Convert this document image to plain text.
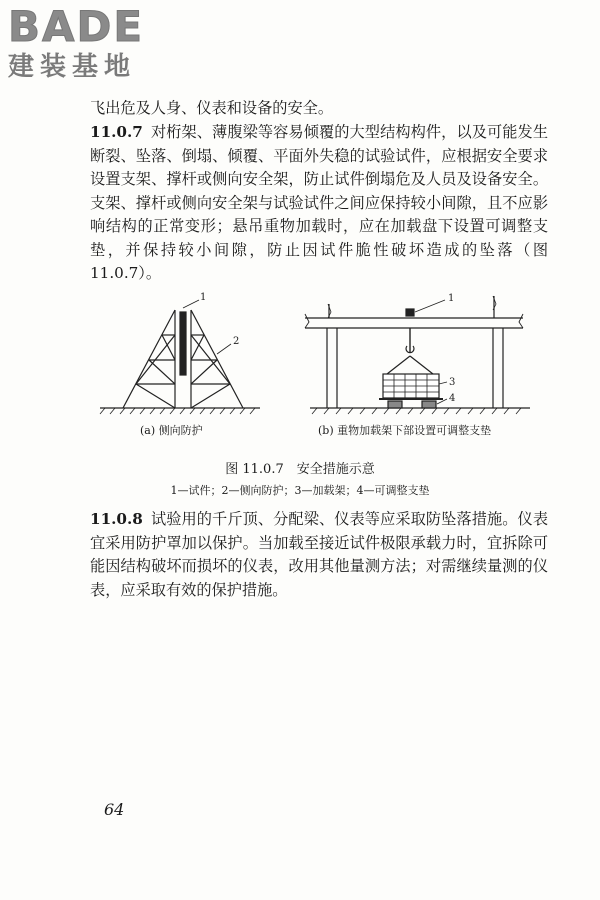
BADE
建装基地

飞出危及人身、仪表和设备的安全。

11.0.7 对桁架、薄腹梁等容易倾覆的大型结构构件，以及可能发生断裂、坠落、倒塌、倾覆、平面外失稳的试验试件，应根据安全要求设置支架、撑杆或侧向安全架，防止试件倒塌危及人员及设备安全。支架、撑杆或侧向安全架与试验试件之间应保持较小间隙，且不应影响结构的正常变形；悬吊重物加载时，应在加载盘下设置可调整支垫，并保持较小间隙，防止因试件脆性破坏造成的坠落（图 11.0.7）。

1
2
1
3
4
(a) 侧向防护	(b) 重物加载架下部设置可调整支垫
图 11.0.7　安全措施示意
1—试件；2—侧向防护；3—加载架；4—可调整支垫

11.0.8 试验用的千斤顶、分配梁、仪表等应采取防坠落措施。仪表宜采用防护罩加以保护。当加载至接近试件极限承载力时，宜拆除可能因结构破坏而损坏的仪表，改用其他量测方法；对需继续量测的仪表，应采取有效的保护措施。

64
